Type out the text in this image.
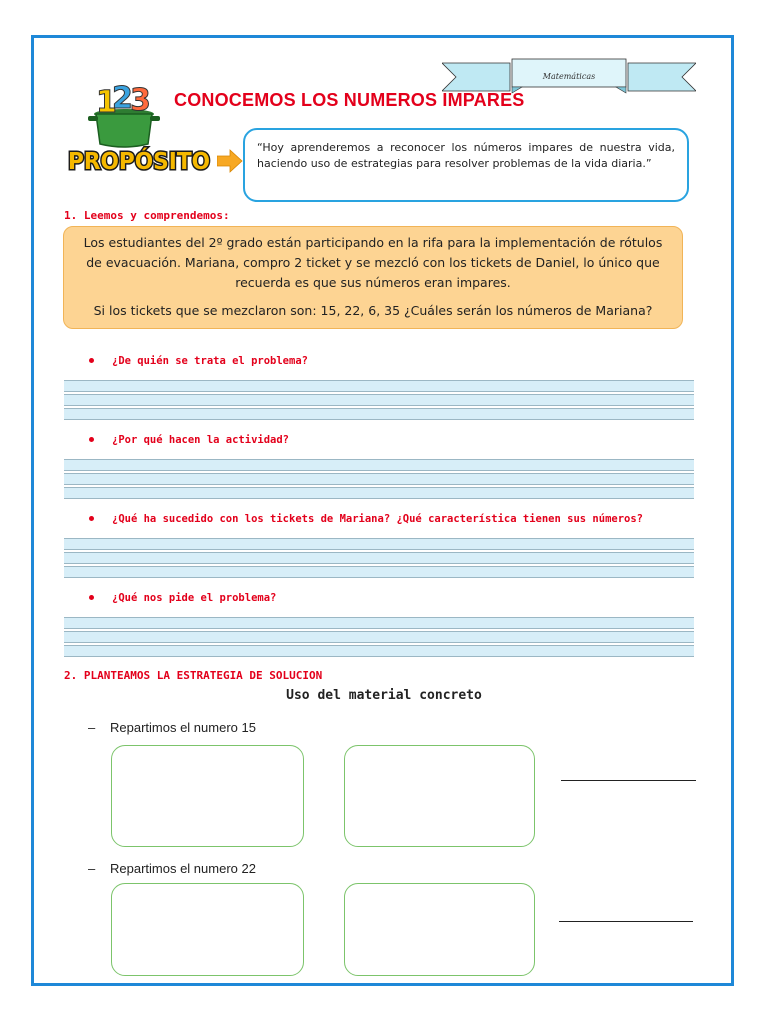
Matemáticas
1
2
3
PROPÓSITO
CONOCEMOS LOS NUMEROS IMPARES
“Hoy aprenderemos a reconocer los números impares de nuestra vida, haciendo uso de estrategias para resolver problemas de la vida diaria.”
1. Leemos y comprendemos:

Los estudiantes del 2º grado están participando en la rifa para la implementación de rótulos de evacuación. Mariana, compro 2 ticket y se mezcló con los tickets de Daniel, lo único que recuerda es que sus números eran impares.

Si los tickets que se mezclaron son: 15, 22, 6, 35 ¿Cuáles serán los números de Mariana?

¿De quién se trata el problema?
¿Por qué hacen la actividad?
¿Qué ha sucedido con los tickets de Mariana? ¿Qué característica tienen sus números?
¿Qué nos pide el problema?
2. PLANTEAMOS LA ESTRATEGIA DE SOLUCION
Uso del material concreto
– Repartimos el numero 15
– Repartimos el numero 22
